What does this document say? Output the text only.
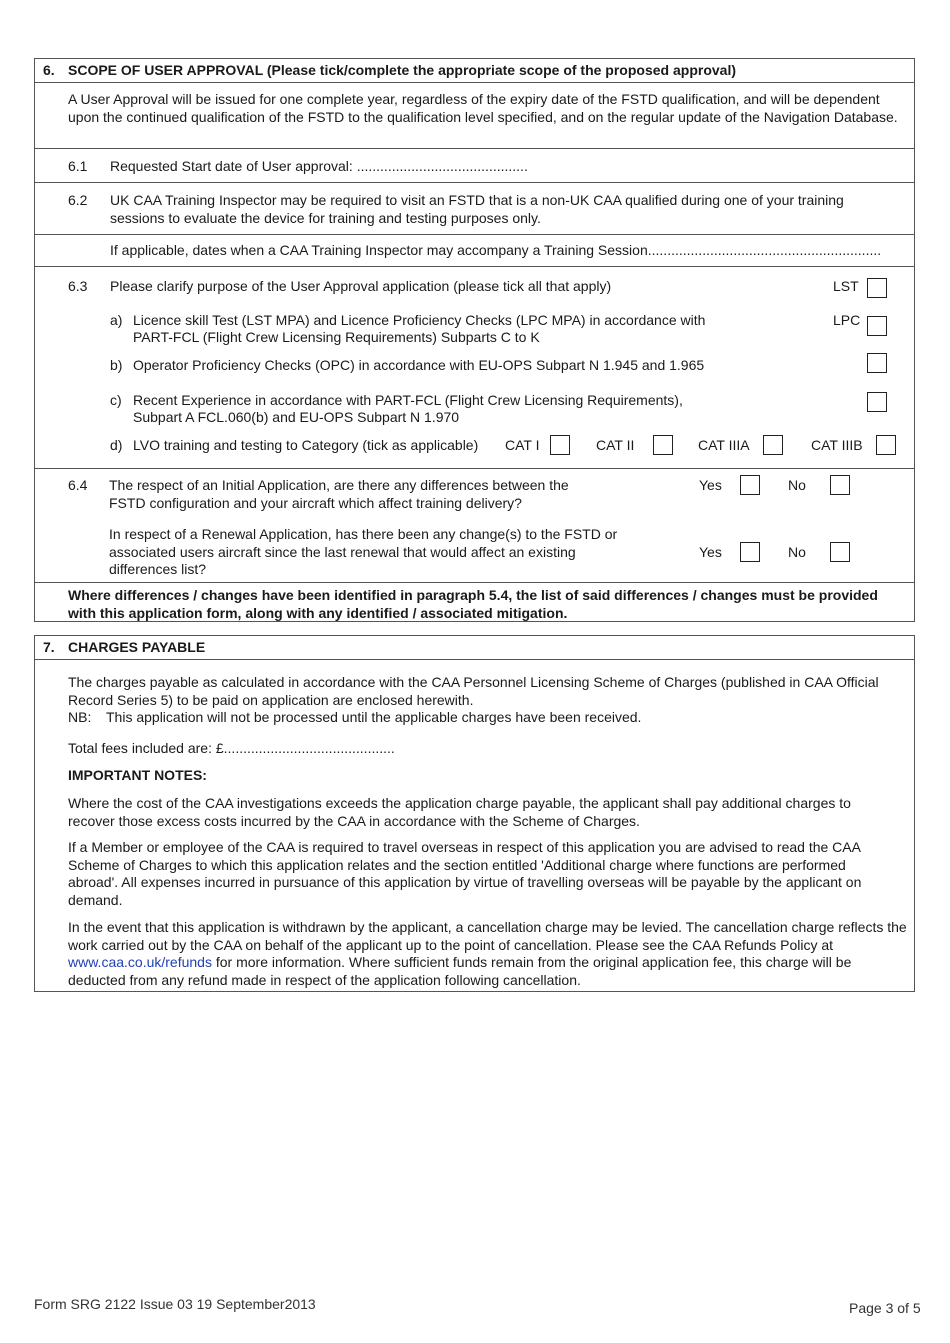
6. SCOPE OF USER APPROVAL (Please tick/complete the appropriate scope of the proposed approval)
A User Approval will be issued for one complete year, regardless of the expiry date of the FSTD qualification, and will be dependent upon the continued qualification of the FSTD to the qualification level specified, and on the regular update of the Navigation Database.
6.1 Requested Start date of User approval: ............................................
6.2 UK CAA Training Inspector may be required to visit an FSTD that is a non-UK CAA qualified during one of your training sessions to evaluate the device for training and testing purposes only.
If applicable, dates when a CAA Training Inspector may accompany a Training Session............................................................
6.3 Please clarify purpose of the User Approval application (please tick all that apply)	LST
a) Licence skill Test (LST MPA) and Licence Proficiency Checks (LPC MPA) in accordance with
PART-FCL (Flight Crew Licensing Requirements) Subparts C to K
LPC
b) Operator Proficiency Checks (OPC) in accordance with EU-OPS Subpart N 1.945 and 1.965
c) Recent Experience in accordance with PART-FCL (Flight Crew Licensing Requirements),
Subpart A FCL.060(b) and EU-OPS Subpart N 1.970
d) LVO training and testing to Category (tick as applicable) CAT I	CAT II	CAT IIIA	CAT IIIB
6.4 The respect of an Initial Application, are there any differences between the FSTD configuration and your aircraft which affect training delivery?
Yes	No
In respect of a Renewal Application, has there been any change(s) to the FSTD or associated users aircraft since the last renewal that would affect an existing differences list?
Yes	No
Where differences / changes have been identified in paragraph 5.4, the list of said differences / changes must be provided with this application form, along with any identified / associated mitigation.
7. CHARGES PAYABLE
The charges payable as calculated in accordance with the CAA Personnel Licensing Scheme of Charges (published in CAA Official Record Series 5) to be paid on application are enclosed herewith.
NB: This application will not be processed until the applicable charges have been received.
Total fees included are: £............................................
IMPORTANT NOTES:
Where the cost of the CAA investigations exceeds the application charge payable, the applicant shall pay additional charges to recover those excess costs incurred by the CAA in accordance with the Scheme of Charges.
If a Member or employee of the CAA is required to travel overseas in respect of this application you are advised to read the CAA Scheme of Charges to which this application relates and the section entitled 'Additional charge where functions are performed abroad'. All expenses incurred in pursuance of this application by virtue of travelling overseas will be payable by the applicant on demand.
In the event that this application is withdrawn by the applicant, a cancellation charge may be levied. The cancellation charge reflects the work carried out by the CAA on behalf of the applicant up to the point of cancellation. Please see the CAA Refunds Policy at www.caa.co.uk/refunds for more information. Where sufficient funds remain from the original application fee, this charge will be deducted from any refund made in respect of the application following cancellation.
Form SRG 2122 Issue 03 19 September2013	Page 3 of 5
